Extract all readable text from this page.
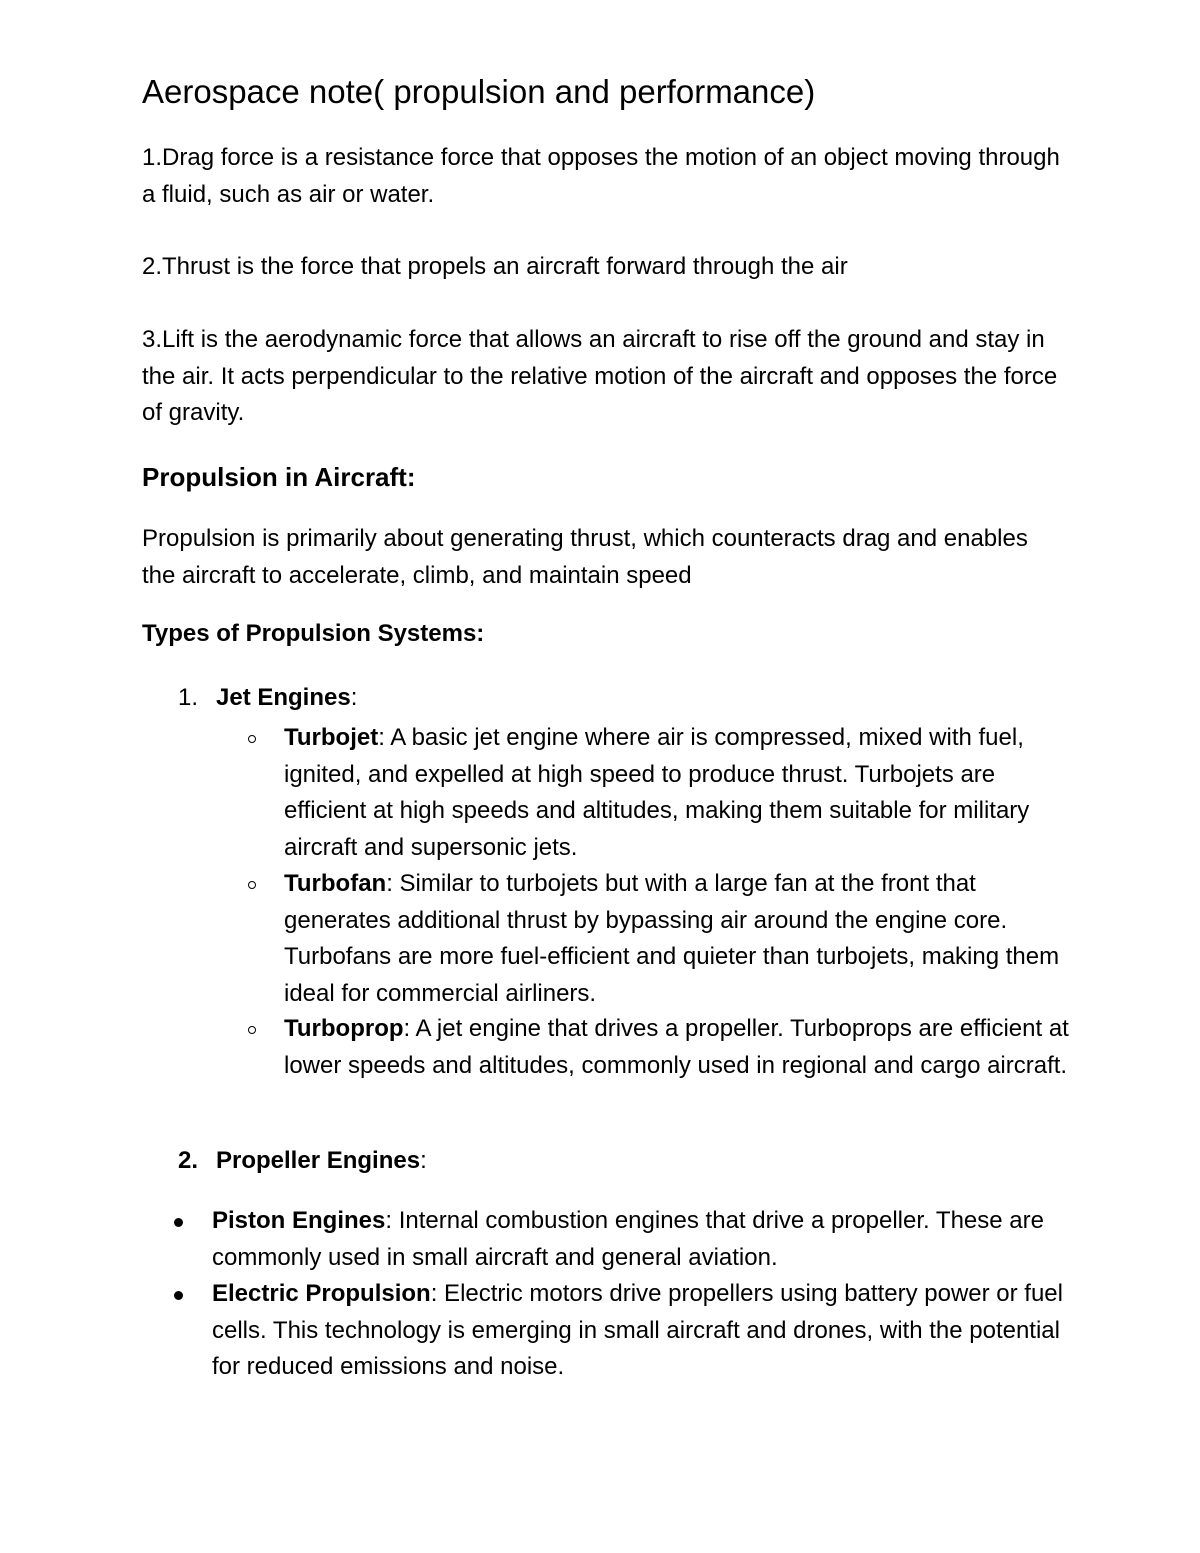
Aerospace note( propulsion and performance)

1.Drag force is a resistance force that opposes the motion of an object moving through a fluid, such as air or water.

2.Thrust is the force that propels an aircraft forward through the air

3.Lift is the aerodynamic force that allows an aircraft to rise off the ground and stay in the air. It acts perpendicular to the relative motion of the aircraft and opposes the force of gravity.

Propulsion in Aircraft:

Propulsion is primarily about generating thrust, which counteracts drag and enables the aircraft to accelerate, climb, and maintain speed

Types of Propulsion Systems:
1. Jet Engines:
Turbojet: A basic jet engine where air is compressed, mixed with fuel, ignited, and expelled at high speed to produce thrust. Turbojets are efficient at high speeds and altitudes, making them suitable for military aircraft and supersonic jets.
Turbofan: Similar to turbojets but with a large fan at the front that generates additional thrust by bypassing air around the engine core. Turbofans are more fuel-efficient and quieter than turbojets, making them ideal for commercial airliners.
Turboprop: A jet engine that drives a propeller. Turboprops are efficient at lower speeds and altitudes, commonly used in regional and cargo aircraft.
2. Propeller Engines:
Piston Engines: Internal combustion engines that drive a propeller. These are commonly used in small aircraft and general aviation.
Electric Propulsion: Electric motors drive propellers using battery power or fuel cells. This technology is emerging in small aircraft and drones, with the potential for reduced emissions and noise.
